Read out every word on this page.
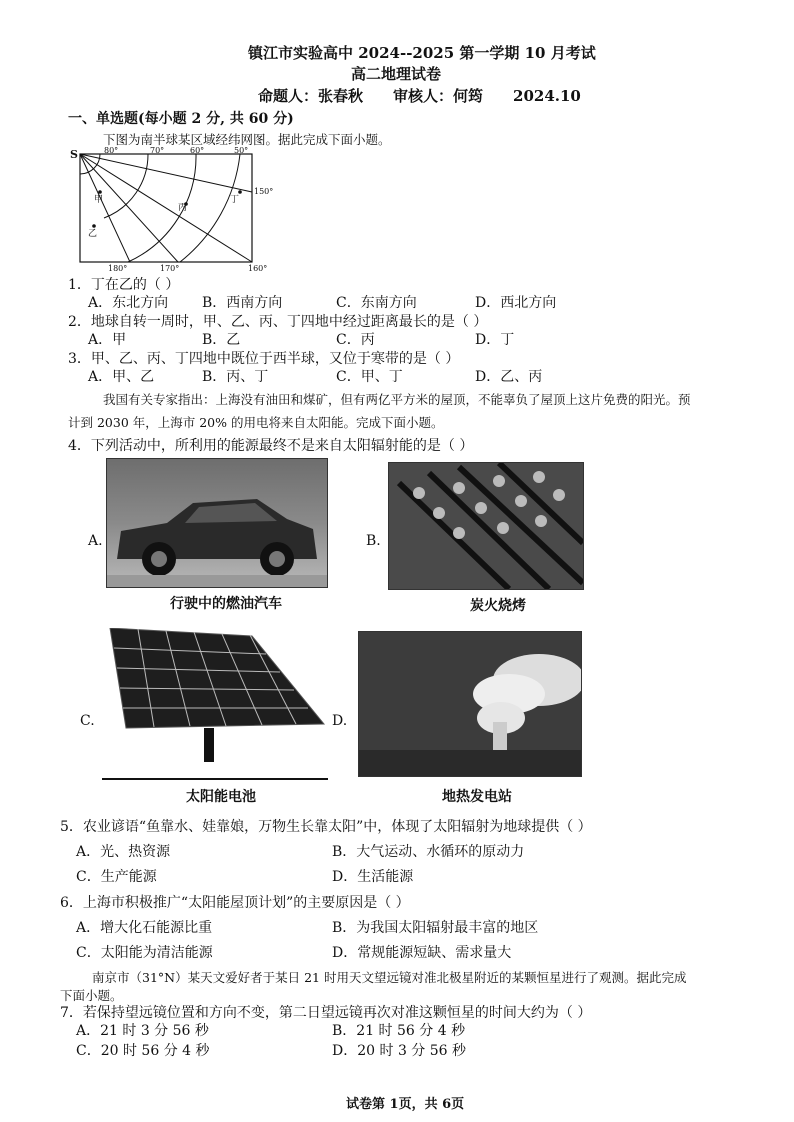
镇江市实验高中 2024--2025 第一学期 10 月考试
高二地理试卷
命题人：张春秋　　审核人：何筠　　2024.10
一、单选题(每小题 2 分, 共 60 分)
下图为南半球某区域经纬网图。据此完成下面小题。
S	80°	70°	60°	50°
180°	170°	160°
150°
甲
乙
丙
丁
1．丁在乙的（ ）
A．东北方向 B．西南方向	C．东南方向	D．西北方向
2．地球自转一周时，甲、乙、丙、丁四地中经过距离最长的是（ ）
A．甲	B．乙	C．丙	D．丁
3．甲、乙、丙、丁四地中既位于西半球，又位于寒带的是（ ）
A．甲、乙	B．丙、丁	C．甲、丁	D．乙、丙
我国有关专家指出：上海没有油田和煤矿，但有两亿平方米的屋顶，不能辜负了屋顶上这片免费的阳光。预
计到 2030 年，上海市 20% 的用电将来自太阳能。完成下面小题。
4．下列活动中，所利用的能源最终不是来自太阳辐射能的是（ ）
A.
行驶中的燃油汽车
B.
炭火烧烤
C.
太阳能电池
D.
地热发电站
5．农业谚语“鱼靠水、娃靠娘，万物生长靠太阳”中，体现了太阳辐射为地球提供（ ）
A．光、热资源	B．大气运动、水循环的原动力
C．生产能源	D．生活能源
6．上海市积极推广“太阳能屋顶计划”的主要原因是（ ）
A．增大化石能源比重	B．为我国太阳辐射最丰富的地区
C．太阳能为清洁能源	D．常规能源短缺、需求量大
南京市（31°N）某天文爱好者于某日 21 时用天文望远镜对准北极星附近的某颗恒星进行了观测。据此完成
下面小题。
7．若保持望远镜位置和方向不变，第二日望远镜再次对准这颗恒星的时间大约为（ ）
A．21 时 3 分 56 秒	B．21 时 56 分 4 秒
C．20 时 56 分 4 秒	D．20 时 3 分 56 秒
试卷第 1页，共 6页
